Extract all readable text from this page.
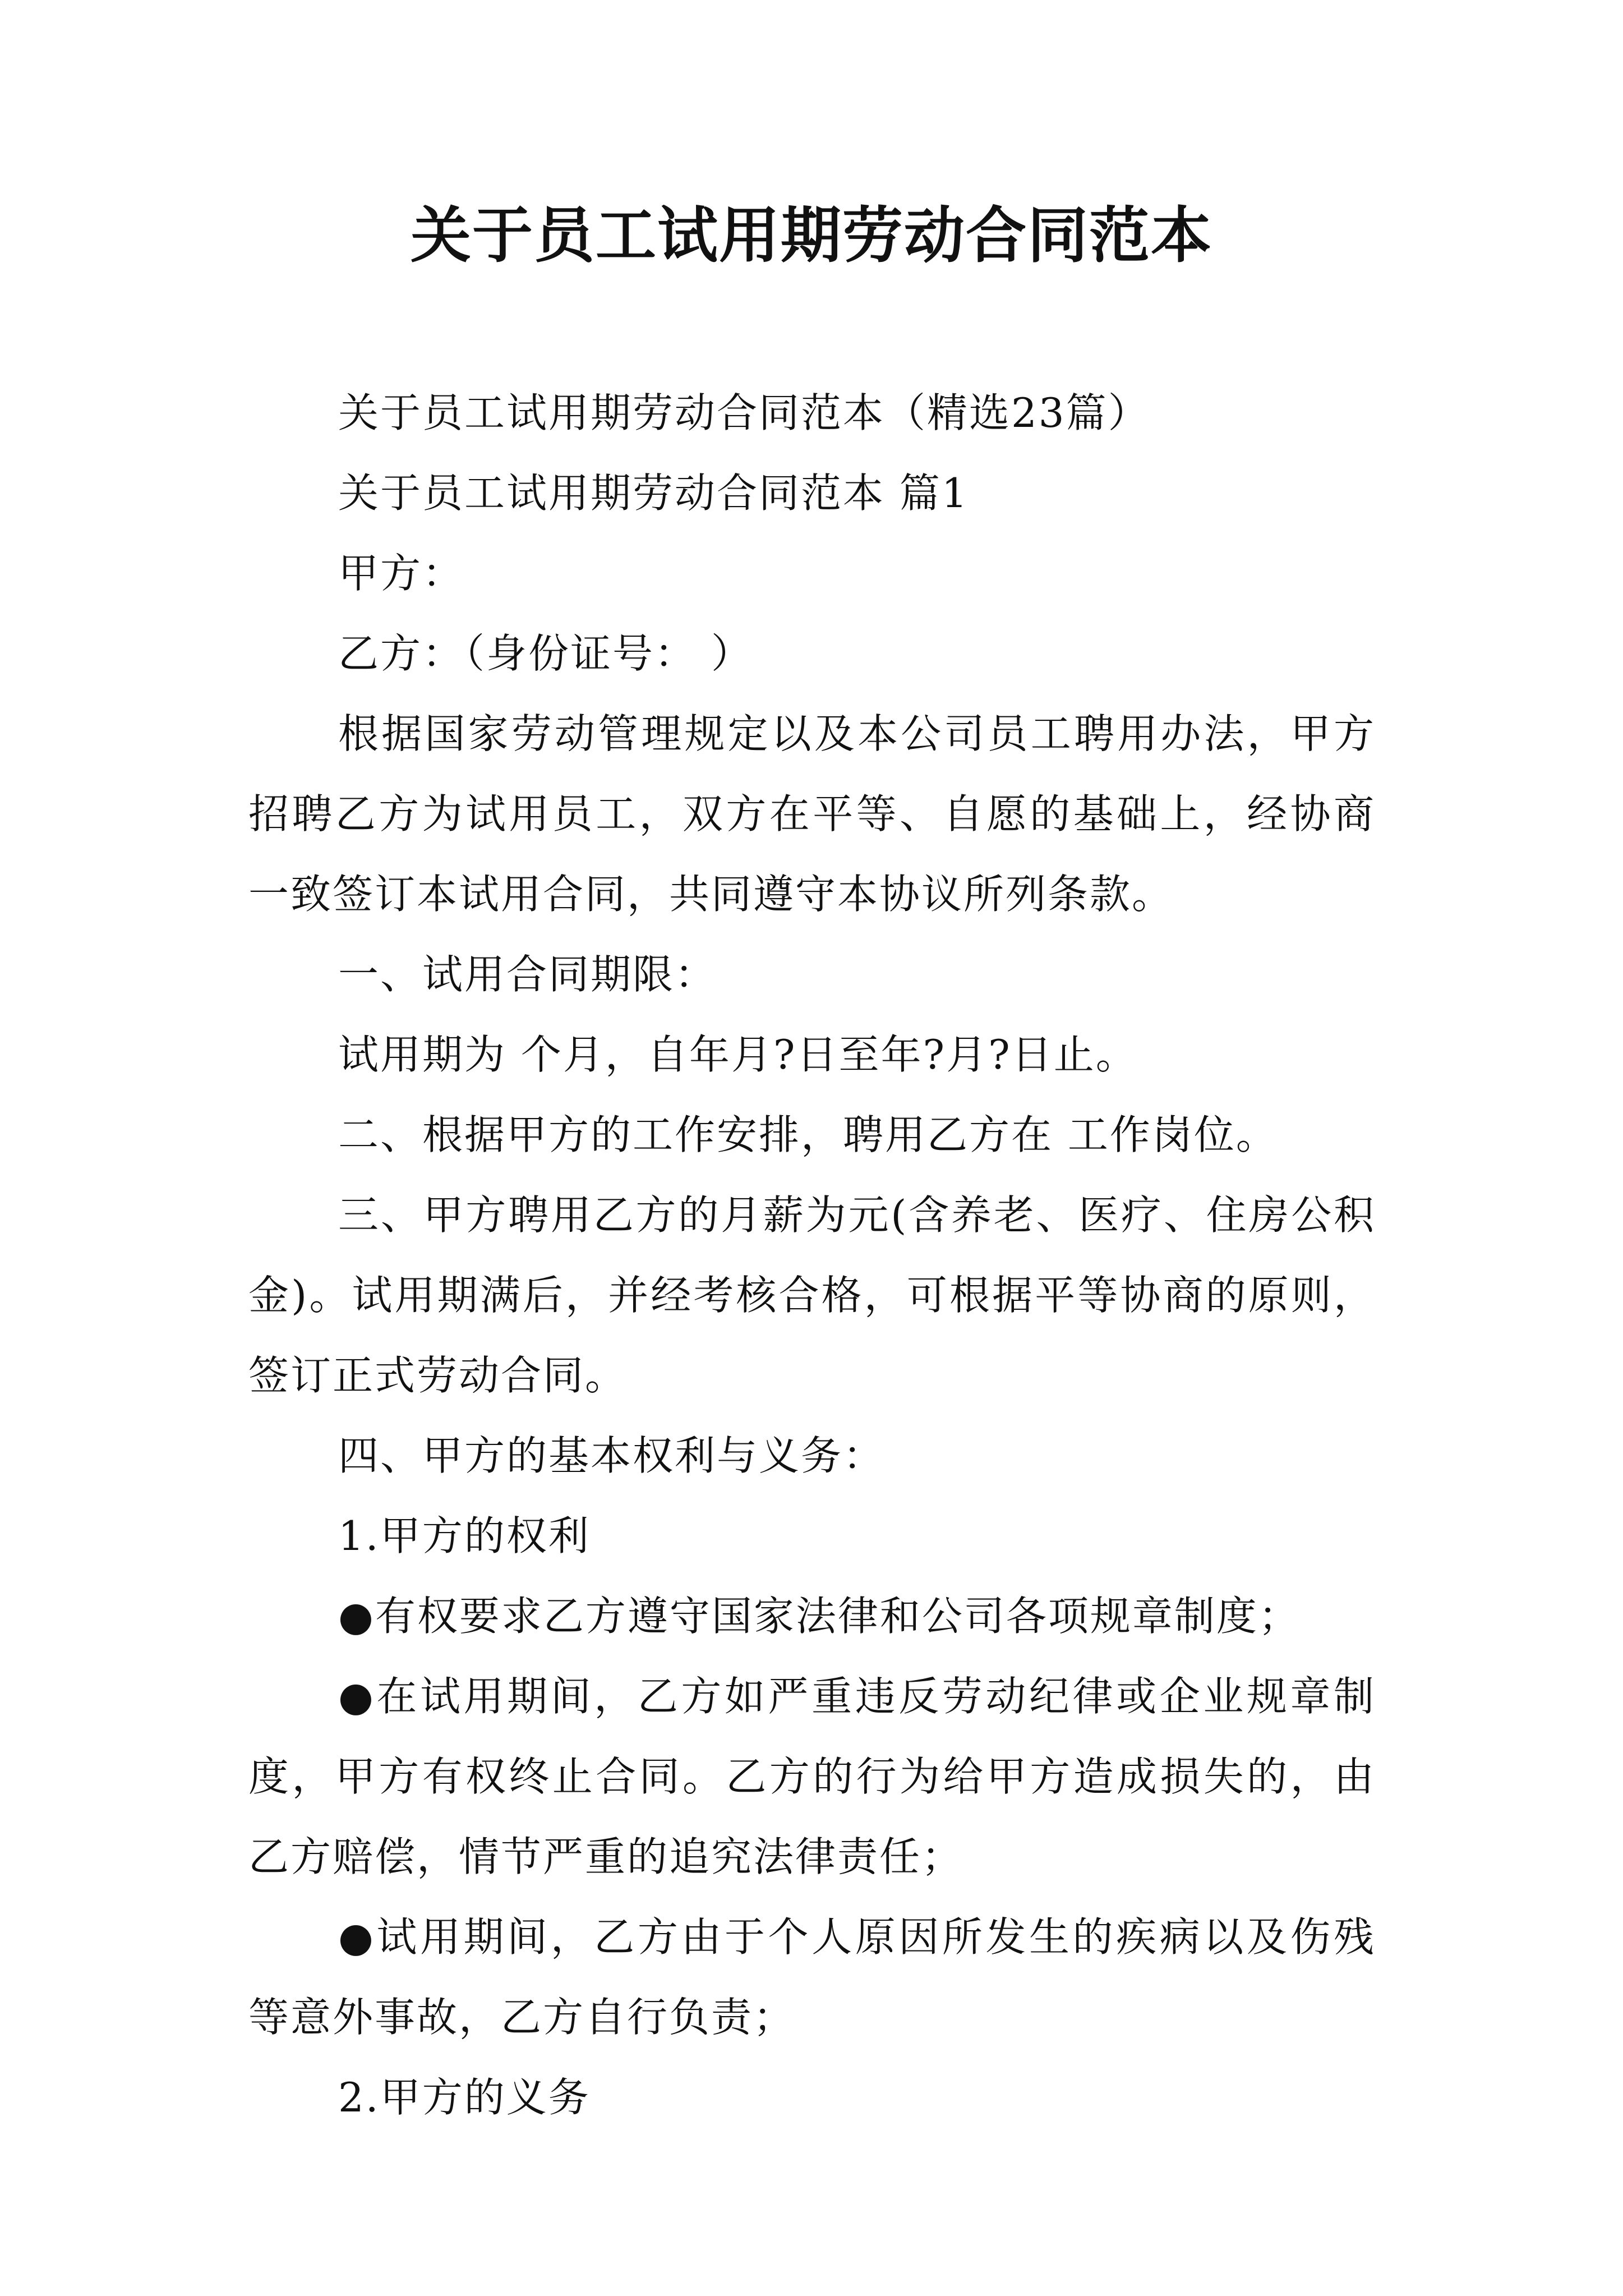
关于员工试用期劳动合同范本

关于员工试用期劳动合同范本（精选23篇）

关于员工试用期劳动合同范本 篇1

甲方：

乙方：（身份证号： ）

根据国家劳动管理规定以及本公司员工聘用办法，甲方招聘乙方为试用员工，双方在平等、自愿的基础上，经协商一致签订本试用合同，共同遵守本协议所列条款。

一、试用合同期限：

试用期为 个月，自年月?日至年?月?日止。

二、根据甲方的工作安排，聘用乙方在 工作岗位。

三、甲方聘用乙方的月薪为元(含养老、医疗、住房公积金)。试用期满后，并经考核合格，可根据平等协商的原则，签订正式劳动合同。

四、甲方的基本权利与义务：

1.甲方的权利

●有权要求乙方遵守国家法律和公司各项规章制度；

●在试用期间，乙方如严重违反劳动纪律或企业规章制度，甲方有权终止合同。乙方的行为给甲方造成损失的，由乙方赔偿，情节严重的追究法律责任；

●试用期间，乙方由于个人原因所发生的疾病以及伤残等意外事故，乙方自行负责；

2.甲方的义务
